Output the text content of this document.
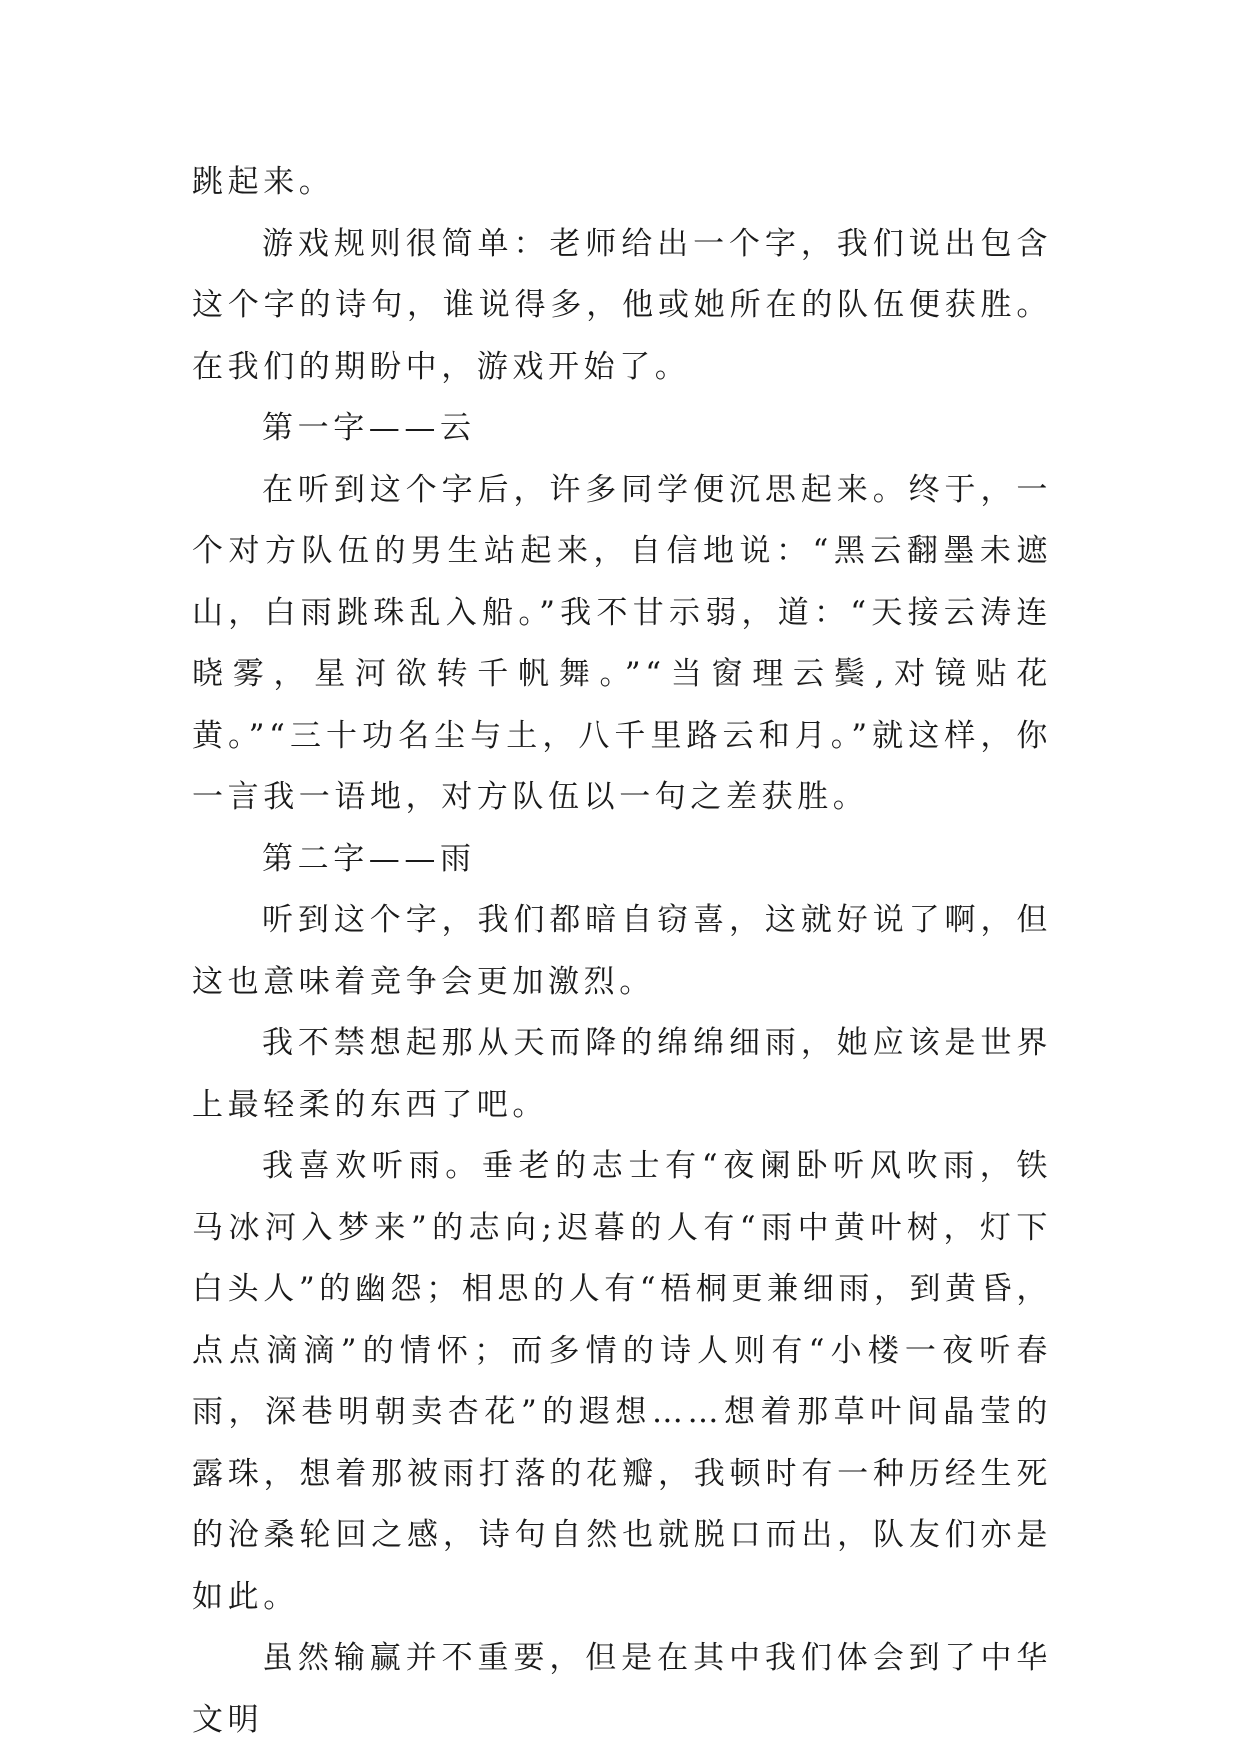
跳起来。

游戏规则很简单：老师给出一个字，我们说出包含这个字的诗句，谁说得多，他或她所在的队伍便获胜。在我们的期盼中，游戏开始了。

第一字——云

在听到这个字后，许多同学便沉思起来。终于，一个对方队伍的男生站起来，自信地说：“黑云翻墨未遮山，白雨跳珠乱入船。”我不甘示弱，道：“天接云涛连晓雾，星河欲转千帆舞。”“当窗理云鬓,对镜贴花黄。”“三十功名尘与土，八千里路云和月。”就这样，你一言我一语地，对方队伍以一句之差获胜。

第二字——雨

听到这个字，我们都暗自窃喜，这就好说了啊，但这也意味着竞争会更加激烈。

我不禁想起那从天而降的绵绵细雨，她应该是世界上最轻柔的东西了吧。

我喜欢听雨。垂老的志士有“夜阑卧听风吹雨，铁马冰河入梦来”的志向;迟暮的人有“雨中黄叶树，灯下白头人”的幽怨；相思的人有“梧桐更兼细雨，到黄昏，点点滴滴”的情怀；而多情的诗人则有“小楼一夜听春雨，深巷明朝卖杏花”的遐想……想着那草叶间晶莹的露珠，想着那被雨打落的花瓣，我顿时有一种历经生死的沧桑轮回之感，诗句自然也就脱口而出，队友们亦是如此。

虽然输赢并不重要，但是在其中我们体会到了中华文明
